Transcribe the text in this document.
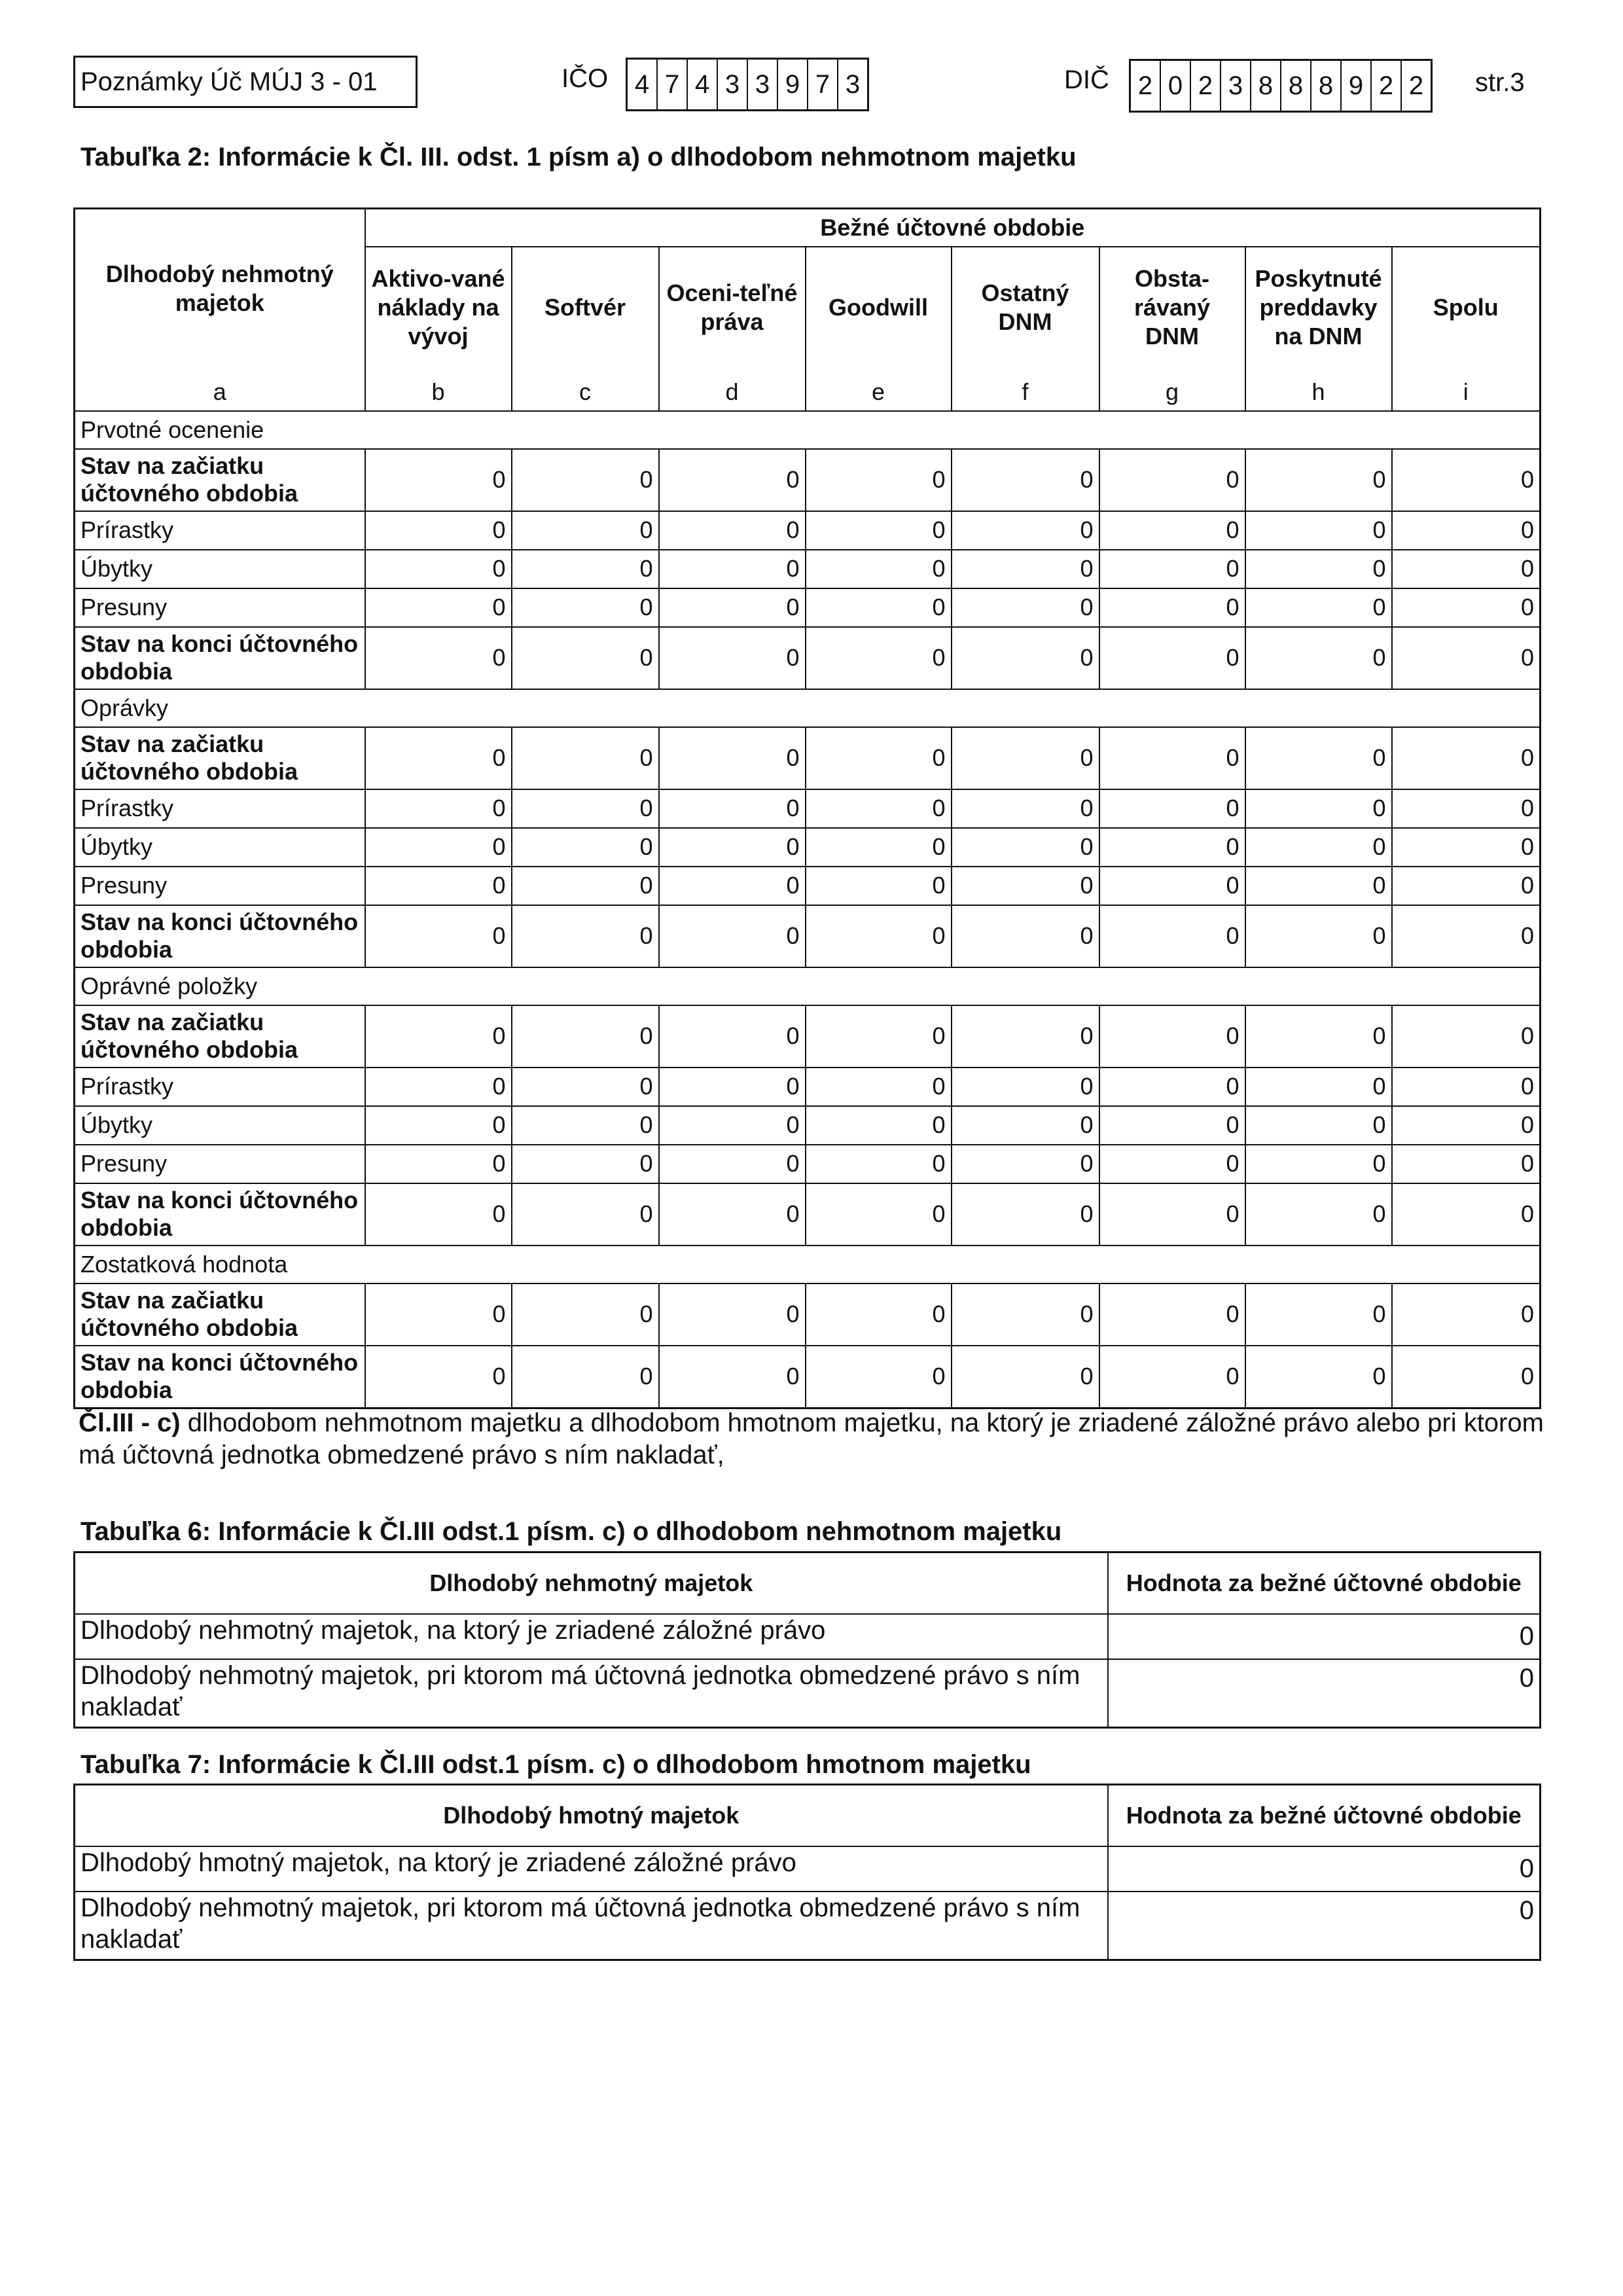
Poznámky Úč MÚJ 3 - 01	IČO 4 7 4 3 3 9 7 3	DIČ 2 0 2 3 8 8 8 9 2 2 str.3
Tabuľka 2: Informácie k Čl. III. odst. 1 písm a) o dlhodobom nehmotnom majetku
Dlhodobý nehmotný majetok	Bežné účtovné obdobie							
	Aktivo-vané náklady na vývoj	Softvér	Oceni-teľné práva	Goodwill	Ostatný DNM	Obsta-rávaný DNM	Poskytnuté preddavky na DNM	Spolu
a	b	c	d	e	f	g	h	i
Prvotné ocenenie								
Stav na začiatku účtovného obdobia	0	0	0	0	0	0	0	0
Prírastky	0	0	0	0	0	0	0	0
Úbytky	0	0	0	0	0	0	0	0
Presuny	0	0	0	0	0	0	0	0
Stav na konci účtovného obdobia	0	0	0	0	0	0	0	0
Oprávky								
Stav na začiatku účtovného obdobia	0	0	0	0	0	0	0	0
Prírastky	0	0	0	0	0	0	0	0
Úbytky	0	0	0	0	0	0	0	0
Presuny	0	0	0	0	0	0	0	0
Stav na konci účtovného obdobia	0	0	0	0	0	0	0	0
Oprávné položky								
Stav na začiatku účtovného obdobia	0	0	0	0	0	0	0	0
Prírastky	0	0	0	0	0	0	0	0
Úbytky	0	0	0	0	0	0	0	0
Presuny	0	0	0	0	0	0	0	0
Stav na konci účtovného obdobia	0	0	0	0	0	0	0	0
Zostatková hodnota								
Stav na začiatku účtovného obdobia	0	0	0	0	0	0	0	0
Stav na konci účtovného obdobia	0	0	0	0	0	0	0	0
Čl.III - c) dlhodobom nehmotnom majetku a dlhodobom hmotnom majetku, na ktorý je zriadené záložné právo alebo pri ktorom má účtovná jednotka obmedzené právo s ním nakladať,
Tabuľka 6: Informácie k Čl.III odst.1 písm. c) o dlhodobom nehmotnom majetku
Dlhodobý nehmotný majetok	Hodnota za bežné účtovné obdobie
Dlhodobý nehmotný majetok, na ktorý je zriadené záložné právo	0
Dlhodobý nehmotný majetok, pri ktorom má účtovná jednotka obmedzené právo s ním nakladať	0
Tabuľka 7: Informácie k Čl.III odst.1 písm. c) o dlhodobom hmotnom majetku
Dlhodobý hmotný majetok	Hodnota za bežné účtovné obdobie
Dlhodobý hmotný majetok, na ktorý je zriadené záložné právo	0
Dlhodobý nehmotný majetok, pri ktorom má účtovná jednotka obmedzené právo s ním nakladať	0
